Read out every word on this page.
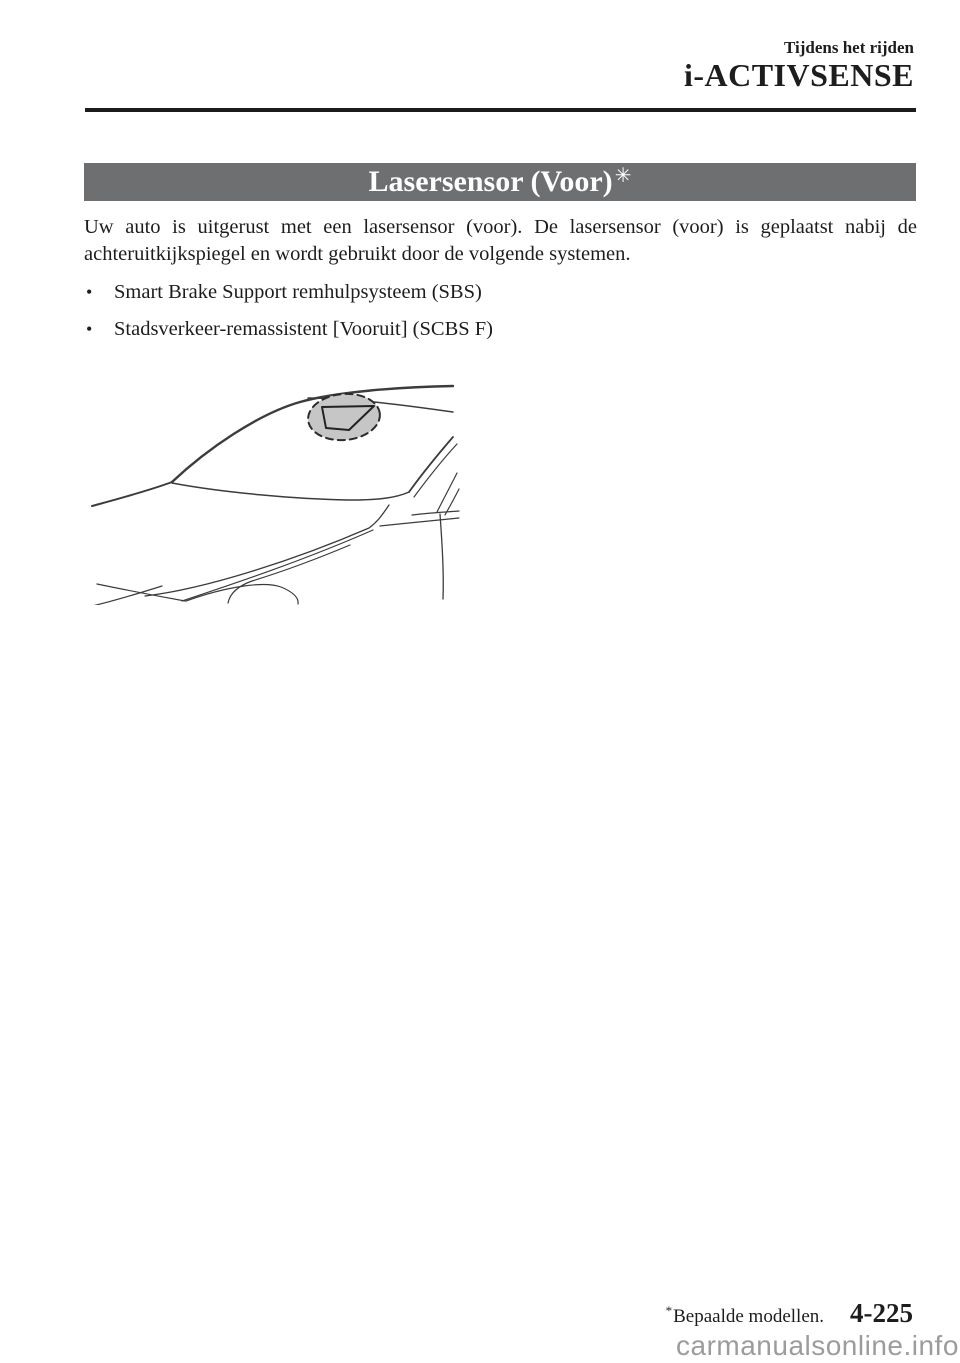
Tijdens het rijden
i-ACTIVSENSE
Lasersensor (Voor) ✳

Uw auto is uitgerust met een lasersensor (voor). De lasersensor (voor) is geplaatst nabij de achteruitkijkspiegel en wordt gebruikt door de volgende systemen.

•	Smart Brake Support remhulpsysteem (SBS)
•	Stadsverkeer-remassistent [Vooruit] (SCBS F)
*Bepaalde modellen. 4-225
carmanualsonline.info
